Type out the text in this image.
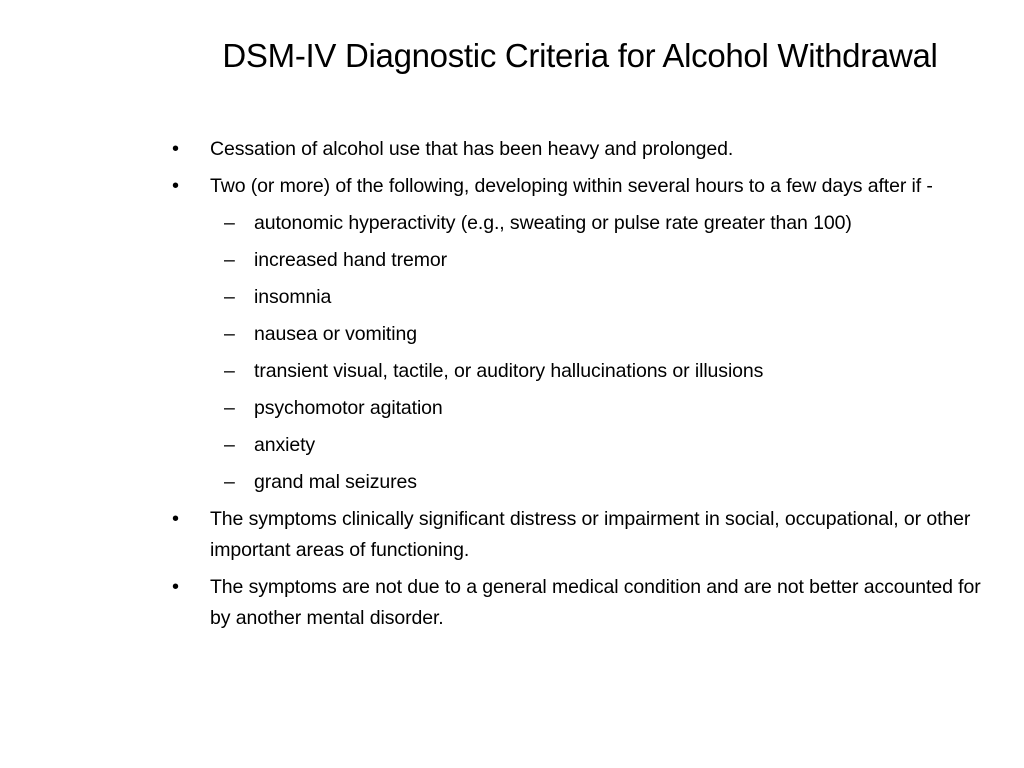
DSM-IV Diagnostic Criteria for Alcohol Withdrawal
• Cessation of alcohol use that has been heavy and prolonged.
• Two (or more) of the following, developing within several hours to a few days after if -
– autonomic hyperactivity (e.g., sweating or pulse rate greater than 100)
– increased hand tremor
– insomnia
– nausea or vomiting
– transient visual, tactile, or auditory hallucinations or illusions
– psychomotor agitation
– anxiety
– grand mal seizures
• The symptoms clinically significant distress or impairment in social, occupational, or other important areas of functioning.
• The symptoms are not due to a general medical condition and are not better accounted for by another mental disorder.
